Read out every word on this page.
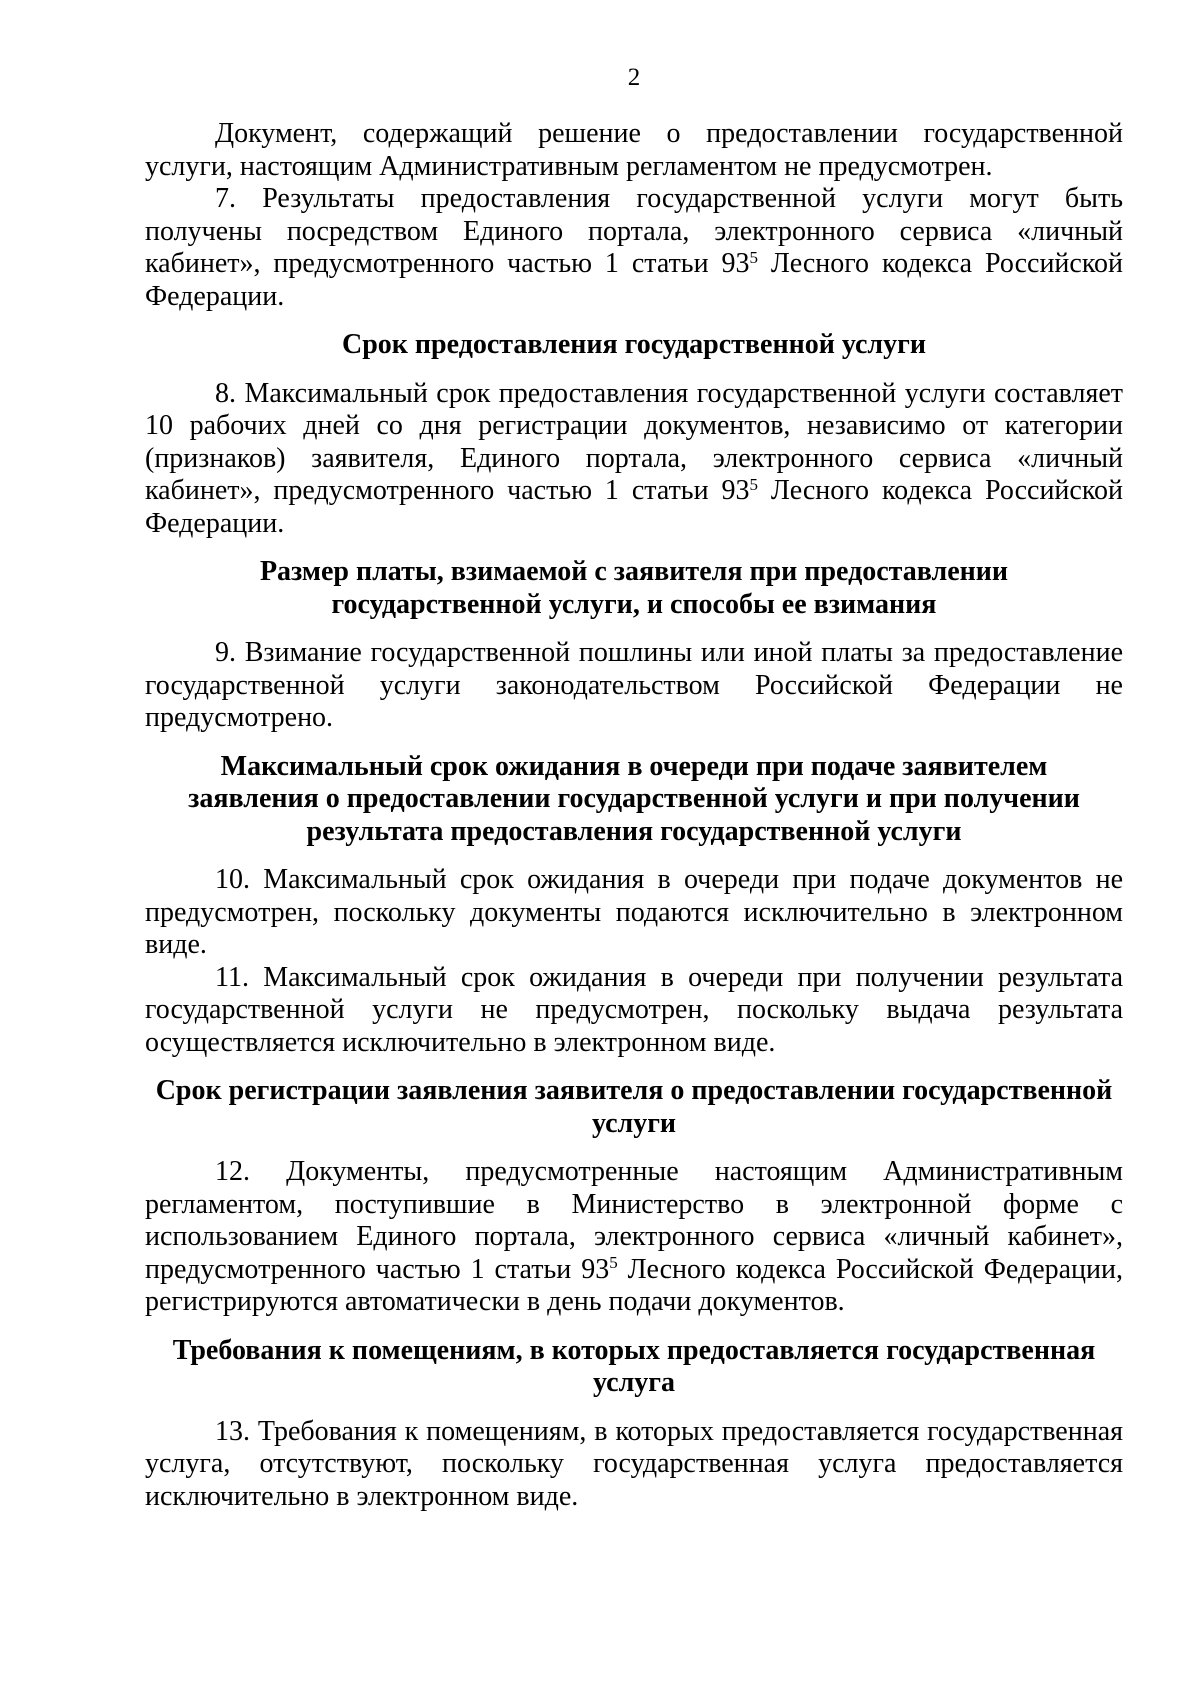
2

Документ, содержащий решение о предоставлении государственной услуги, настоящим Административным регламентом не предусмотрен.

7. Результаты предоставления государственной услуги могут быть получены посредством Единого портала, электронного сервиса «личный кабинет», предусмотренного частью 1 статьи $93^5$ Лесного кодекса Российской Федерации.

Срок предоставления государственной услуги

8. Максимальный срок предоставления государственной услуги составляет 10 рабочих дней со дня регистрации документов, независимо от категории (признаков) заявителя, Единого портала, электронного сервиса «личный кабинет», предусмотренного частью 1 статьи $93^5$ Лесного кодекса Российской Федерации.

Размер платы, взимаемой с заявителя при предоставлении

государственной услуги, и способы ее взимания

9. Взимание государственной пошлины или иной платы за предоставление государственной услуги законодательством Российской Федерации не предусмотрено.

Максимальный срок ожидания в очереди при подаче заявителем

заявления о предоставлении государственной услуги и при получении

результата предоставления государственной услуги

10. Максимальный срок ожидания в очереди при подаче документов не предусмотрен, поскольку документы подаются исключительно в электронном виде.

11. Максимальный срок ожидания в очереди при получении результата государственной услуги не предусмотрен, поскольку выдача результата осуществляется исключительно в электронном виде.

Срок регистрации заявления заявителя о предоставлении государственной

услуги

12. Документы, предусмотренные настоящим Административным регламентом, поступившие в Министерство в электронной форме с использованием Единого портала, электронного сервиса «личный кабинет», предусмотренного частью 1 статьи $93^5$ Лесного кодекса Российской Федерации, регистрируются автоматически в день подачи документов.

Требования к помещениям, в которых предоставляется государственная

услуга

13. Требования к помещениям, в которых предоставляется государственная услуга, отсутствуют, поскольку государственная услуга предоставляется исключительно в электронном виде.
